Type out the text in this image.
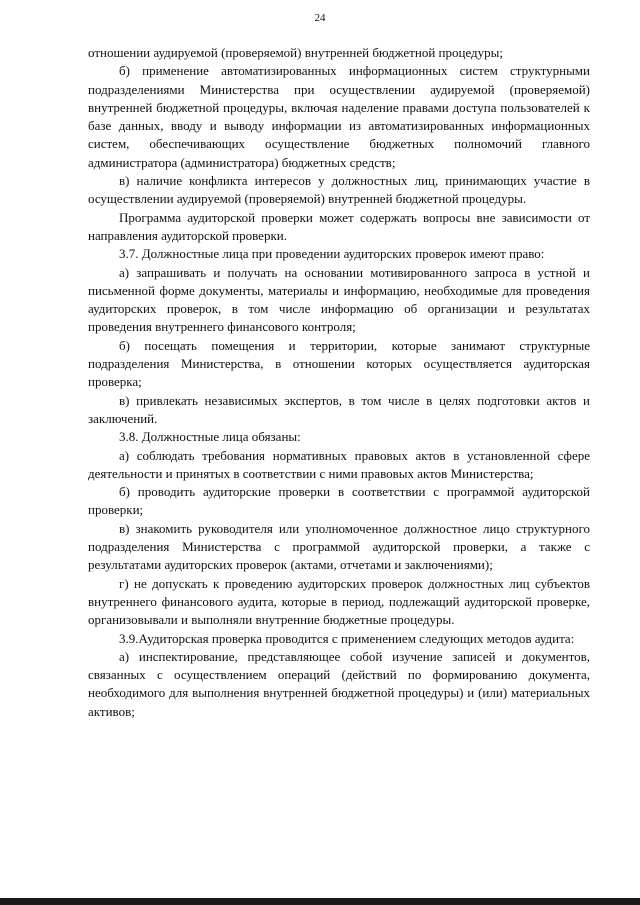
24

отношении аудируемой (проверяемой) внутренней бюджетной процедуры;

б) применение автоматизированных информационных систем структурными подразделениями Министерства при осуществлении аудируемой (проверяемой) внутренней бюджетной процедуры, включая наделение правами доступа пользователей к базе данных, вводу и выводу информации из автоматизированных информационных систем, обеспечивающих осуществление бюджетных полномочий главного администратора (администратора) бюджетных средств;

в) наличие конфликта интересов у должностных лиц, принимающих участие в осуществлении аудируемой (проверяемой) внутренней бюджетной процедуры.

Программа аудиторской проверки может содержать вопросы вне зависимости от направления аудиторской проверки.

3.7. Должностные лица при проведении аудиторских проверок имеют право:

а) запрашивать и получать на основании мотивированного запроса в устной и письменной форме документы, материалы и информацию, необходимые для проведения аудиторских проверок, в том числе информацию об организации и результатах проведения внутреннего финансового контроля;

б) посещать помещения и территории, которые занимают структурные подразделения Министерства, в отношении которых осуществляется аудиторская проверка;

в) привлекать независимых экспертов, в том числе в целях подготовки актов и заключений.

3.8. Должностные лица обязаны:

а) соблюдать требования нормативных правовых актов в установленной сфере деятельности и принятых в соответствии с ними правовых актов Министерства;

б) проводить аудиторские проверки в соответствии с программой аудиторской проверки;

в) знакомить руководителя или уполномоченное должностное лицо структурного подразделения Министерства с программой аудиторской проверки, а также с результатами аудиторских проверок (актами, отчетами и заключениями);

г) не допускать к проведению аудиторских проверок должностных лиц субъектов внутреннего финансового аудита, которые в период, подлежащий аудиторской проверке, организовывали и выполняли внутренние бюджетные процедуры.

3.9.Аудиторская проверка проводится с применением следующих методов аудита:

а) инспектирование, представляющее собой изучение записей и документов, связанных с осуществлением операций (действий по формированию документа, необходимого для выполнения внутренней бюджетной процедуры) и (или) материальных активов;
